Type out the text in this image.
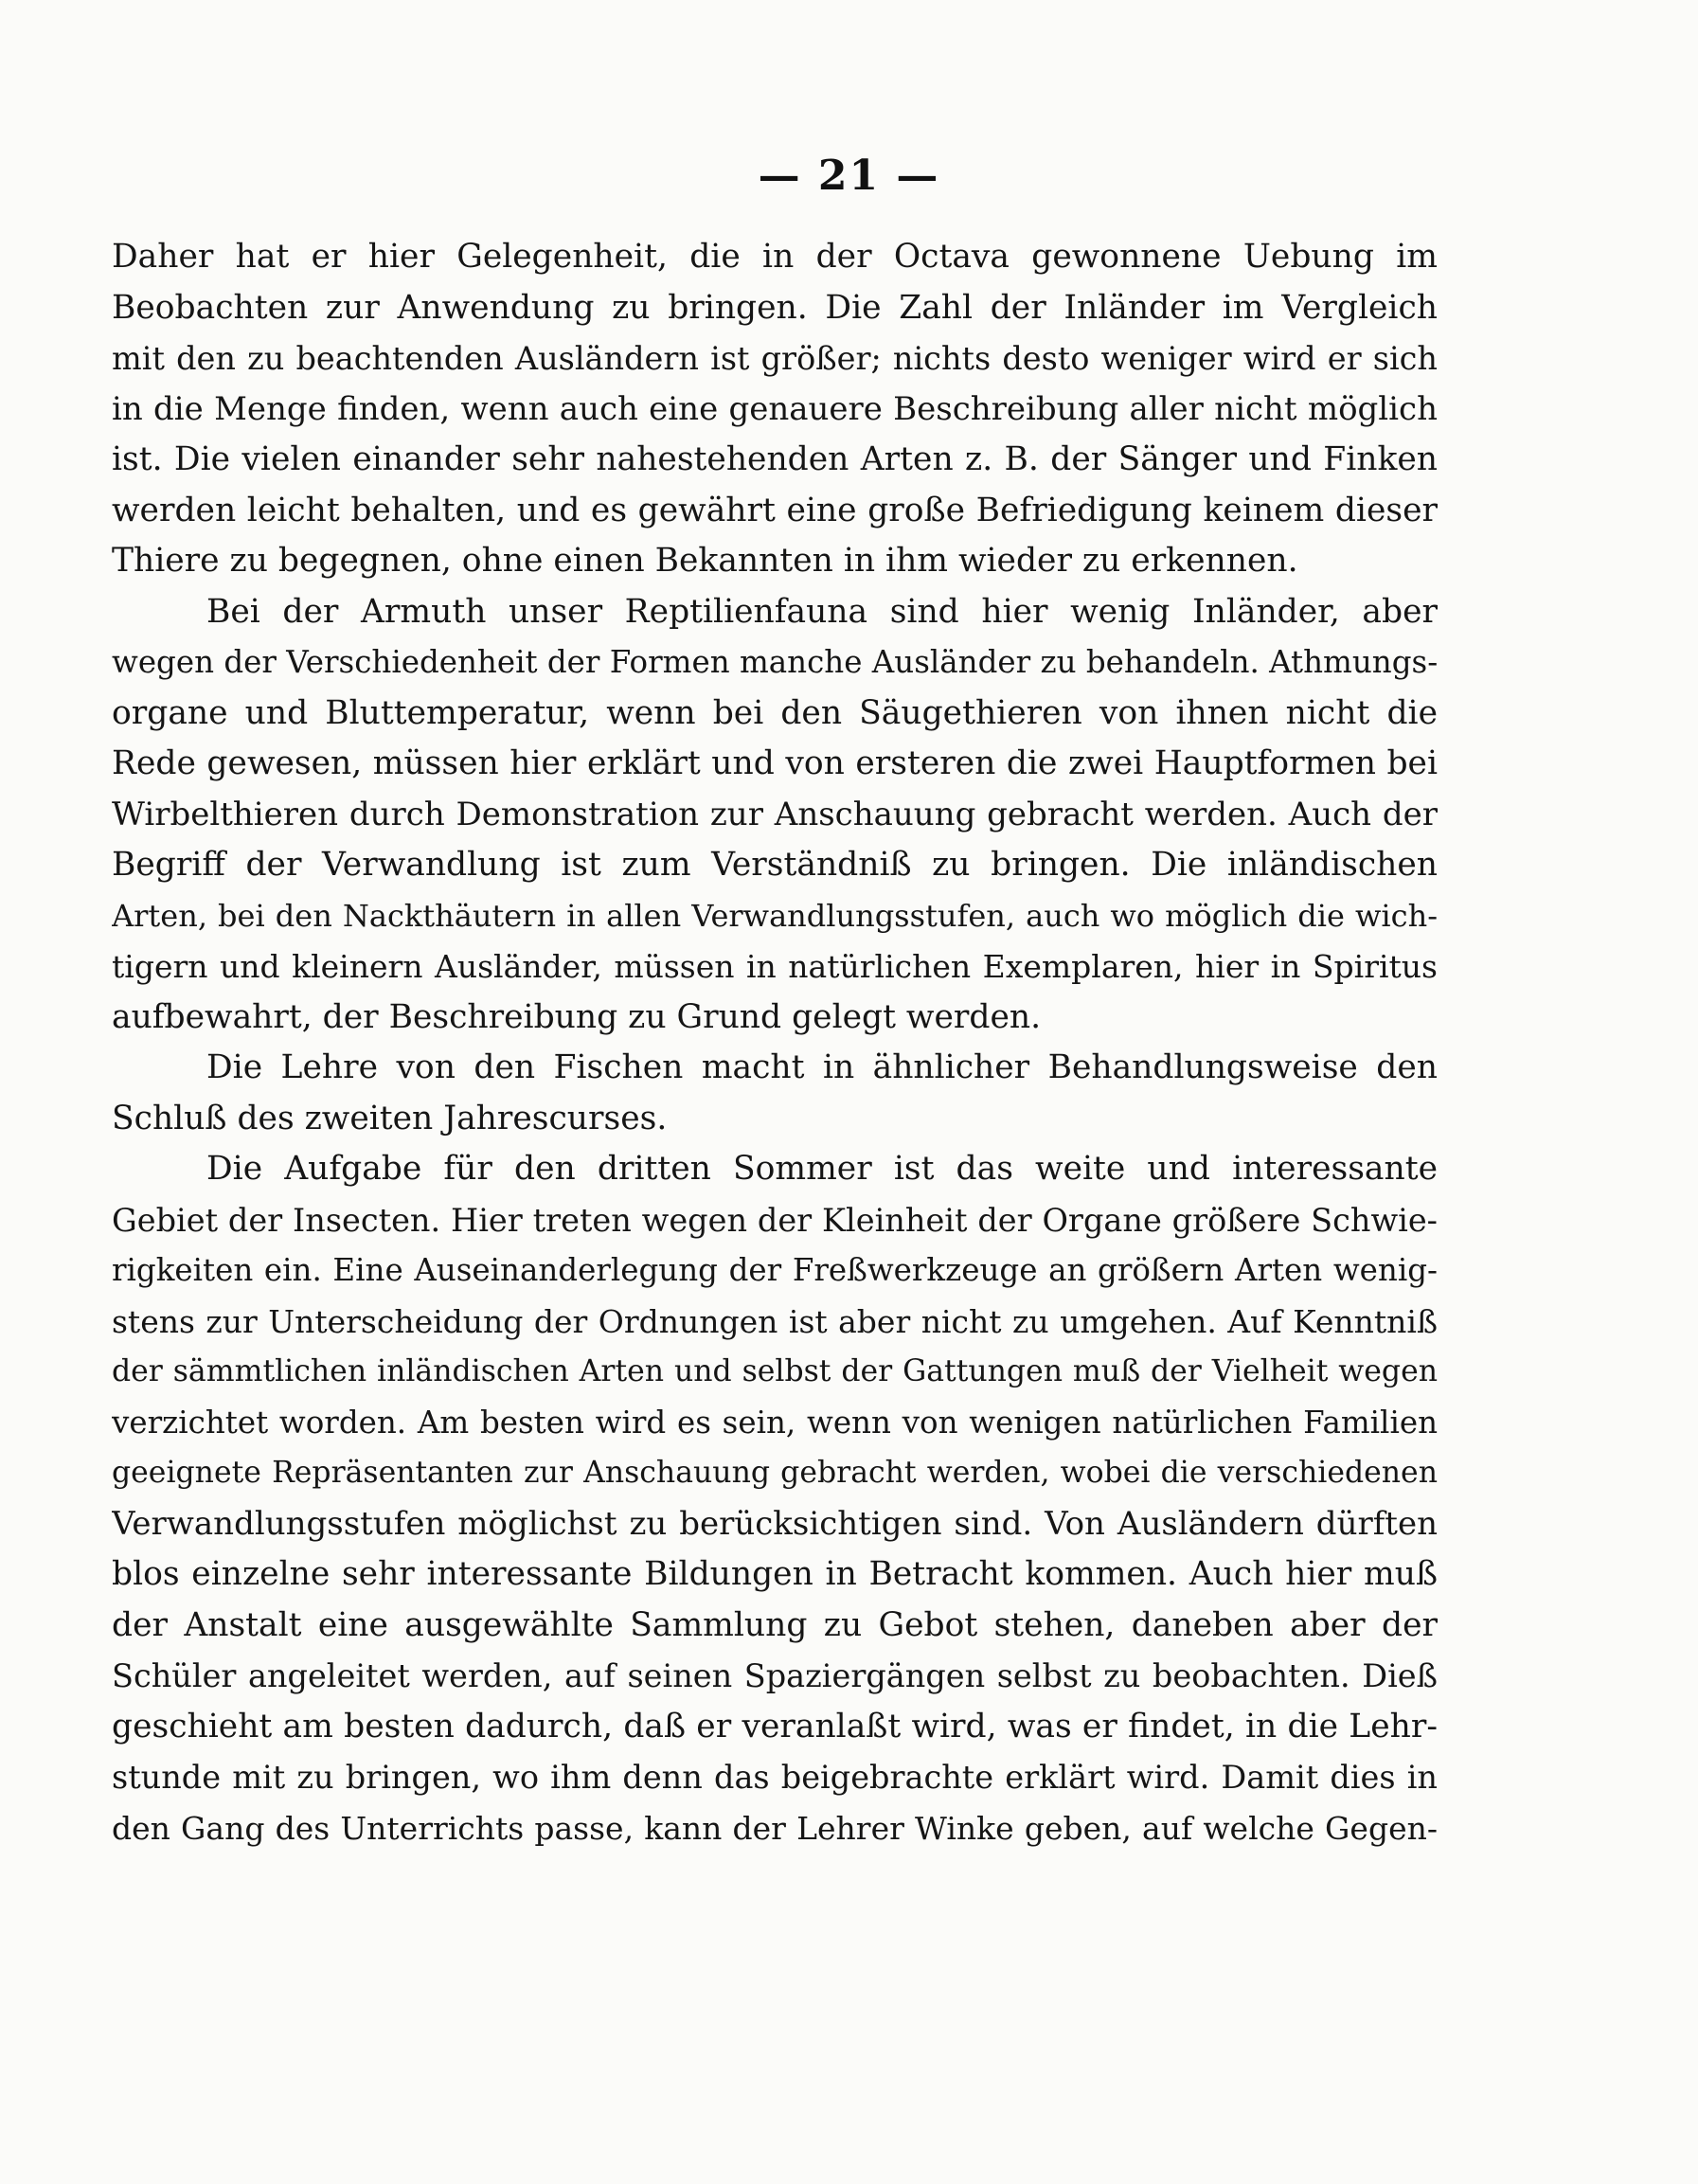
— 21 —
Daher hat er hier Gelegenheit, die in der Octava gewonnene Uebung im
Beobachten zur Anwendung zu bringen. Die Zahl der Inländer im Vergleich
mit den zu beachtenden Ausländern ist größer; nichts desto weniger wird er sich
in die Menge finden, wenn auch eine genauere Beschreibung aller nicht möglich
ist. Die vielen einander sehr nahestehenden Arten z. B. der Sänger und Finken
werden leicht behalten, und es gewährt eine große Befriedigung keinem dieser
Thiere zu begegnen, ohne einen Bekannten in ihm wieder zu erkennen.
Bei der Armuth unser Reptilienfauna sind hier wenig Inländer, aber
wegen der Verschiedenheit der Formen manche Ausländer zu behandeln. Athmungs-
organe und Bluttemperatur, wenn bei den Säugethieren von ihnen nicht die
Rede gewesen, müssen hier erklärt und von ersteren die zwei Hauptformen bei
Wirbelthieren durch Demonstration zur Anschauung gebracht werden. Auch der
Begriff der Verwandlung ist zum Verständniß zu bringen. Die inländischen
Arten, bei den Nackthäutern in allen Verwandlungsstufen, auch wo möglich die wich-
tigern und kleinern Ausländer, müssen in natürlichen Exemplaren, hier in Spiritus
aufbewahrt, der Beschreibung zu Grund gelegt werden.
Die Lehre von den Fischen macht in ähnlicher Behandlungsweise den
Schluß des zweiten Jahrescurses.
Die Aufgabe für den dritten Sommer ist das weite und interessante
Gebiet der Insecten. Hier treten wegen der Kleinheit der Organe größere Schwie-
rigkeiten ein. Eine Auseinanderlegung der Freßwerkzeuge an größern Arten wenig-
stens zur Unterscheidung der Ordnungen ist aber nicht zu umgehen. Auf Kenntniß
der sämmtlichen inländischen Arten und selbst der Gattungen muß der Vielheit wegen
verzichtet worden. Am besten wird es sein, wenn von wenigen natürlichen Familien
geeignete Repräsentanten zur Anschauung gebracht werden, wobei die verschiedenen
Verwandlungsstufen möglichst zu berücksichtigen sind. Von Ausländern dürften
blos einzelne sehr interessante Bildungen in Betracht kommen. Auch hier muß
der Anstalt eine ausgewählte Sammlung zu Gebot stehen, daneben aber der
Schüler angeleitet werden, auf seinen Spaziergängen selbst zu beobachten. Dieß
geschieht am besten dadurch, daß er veranlaßt wird, was er findet, in die Lehr-
stunde mit zu bringen, wo ihm denn das beigebrachte erklärt wird. Damit dies in
den Gang des Unterrichts passe, kann der Lehrer Winke geben, auf welche Gegen-
